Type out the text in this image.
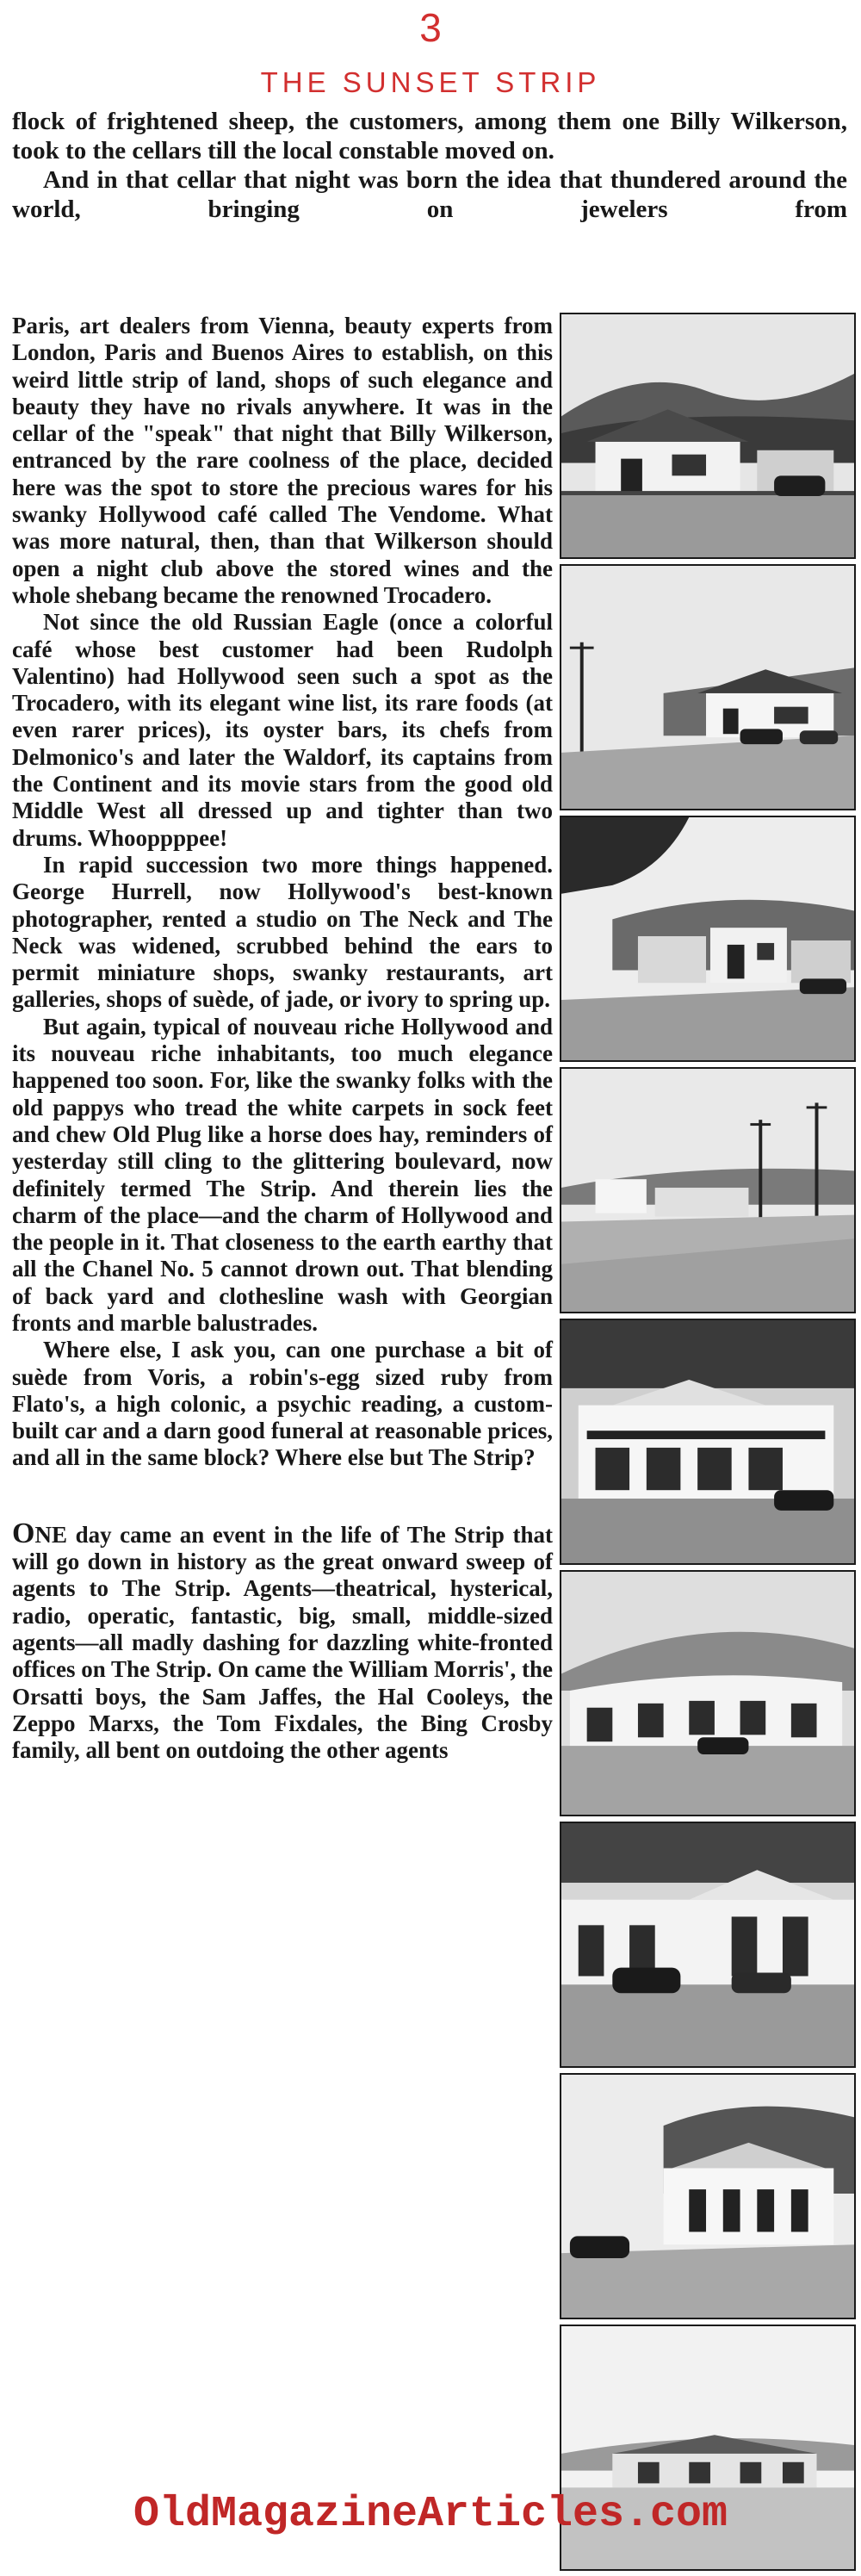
3
THE SUNSET STRIP

flock of frightened sheep, the customers, among them one Billy Wilkerson, took to the cellars till the local constable moved on.

And in that cellar that night was born the idea that thundered around the world, bringing on jewelers from

Paris, art dealers from Vienna, beauty experts from London, Paris and Buenos Aires to establish, on this weird little strip of land, shops of such elegance and beauty they have no rivals anywhere. It was in the cellar of the "speak" that night that Billy Wilkerson, entranced by the rare coolness of the place, decided here was the spot to store the precious wares for his swanky Hollywood café called The Vendome. What was more natural, then, than that Wilkerson should open a night club above the stored wines and the whole shebang became the renowned Trocadero.

Not since the old Russian Eagle (once a colorful café whose best customer had been Rudolph Valentino) had Hollywood seen such a spot as the Trocadero, with its elegant wine list, its rare foods (at even rarer prices), its oyster bars, its chefs from Delmonico's and later the Waldorf, its captains from the Continent and its movie stars from the good old Middle West all dressed up and tighter than two drums. Whooppppee!

In rapid succession two more things happened. George Hurrell, now Hollywood's best-known photographer, rented a studio on The Neck and The Neck was widened, scrubbed behind the ears to permit miniature shops, swanky restaurants, art galleries, shops of suède, of jade, or ivory to spring up.

But again, typical of nouveau riche Hollywood and its nouveau riche inhabitants, too much elegance happened too soon. For, like the swanky folks with the old pappys who tread the white carpets in sock feet and chew Old Plug like a horse does hay, reminders of yesterday still cling to the glittering boulevard, now definitely termed The Strip. And therein lies the charm of the place—and the charm of Hollywood and the people in it. That closeness to the earth earthy that all the Chanel No. 5 cannot drown out. That blending of back yard and clothesline wash with Georgian fronts and marble balustrades.

Where else, I ask you, can one purchase a bit of suède from Voris, a robin's-egg sized ruby from Flato's, a high colonic, a psychic reading, a custom-built car and a darn good funeral at reasonable prices, and all in the same block? Where else but The Strip?

ONE day came an event in the life of The Strip that will go down in history as the great onward sweep of agents to The Strip. Agents—theatrical, hysterical, radio, operatic, fantastic, big, small, middle-sized agents—all madly dashing for dazzling white-fronted offices on The Strip. On came the William Morris', the Orsatti boys, the Sam Jaffes, the Hal Cooleys, the Zeppo Marxs, the Tom Fixdales, the Bing Crosby family, all bent on outdoing the other agents

OldMagazineArticles.com
